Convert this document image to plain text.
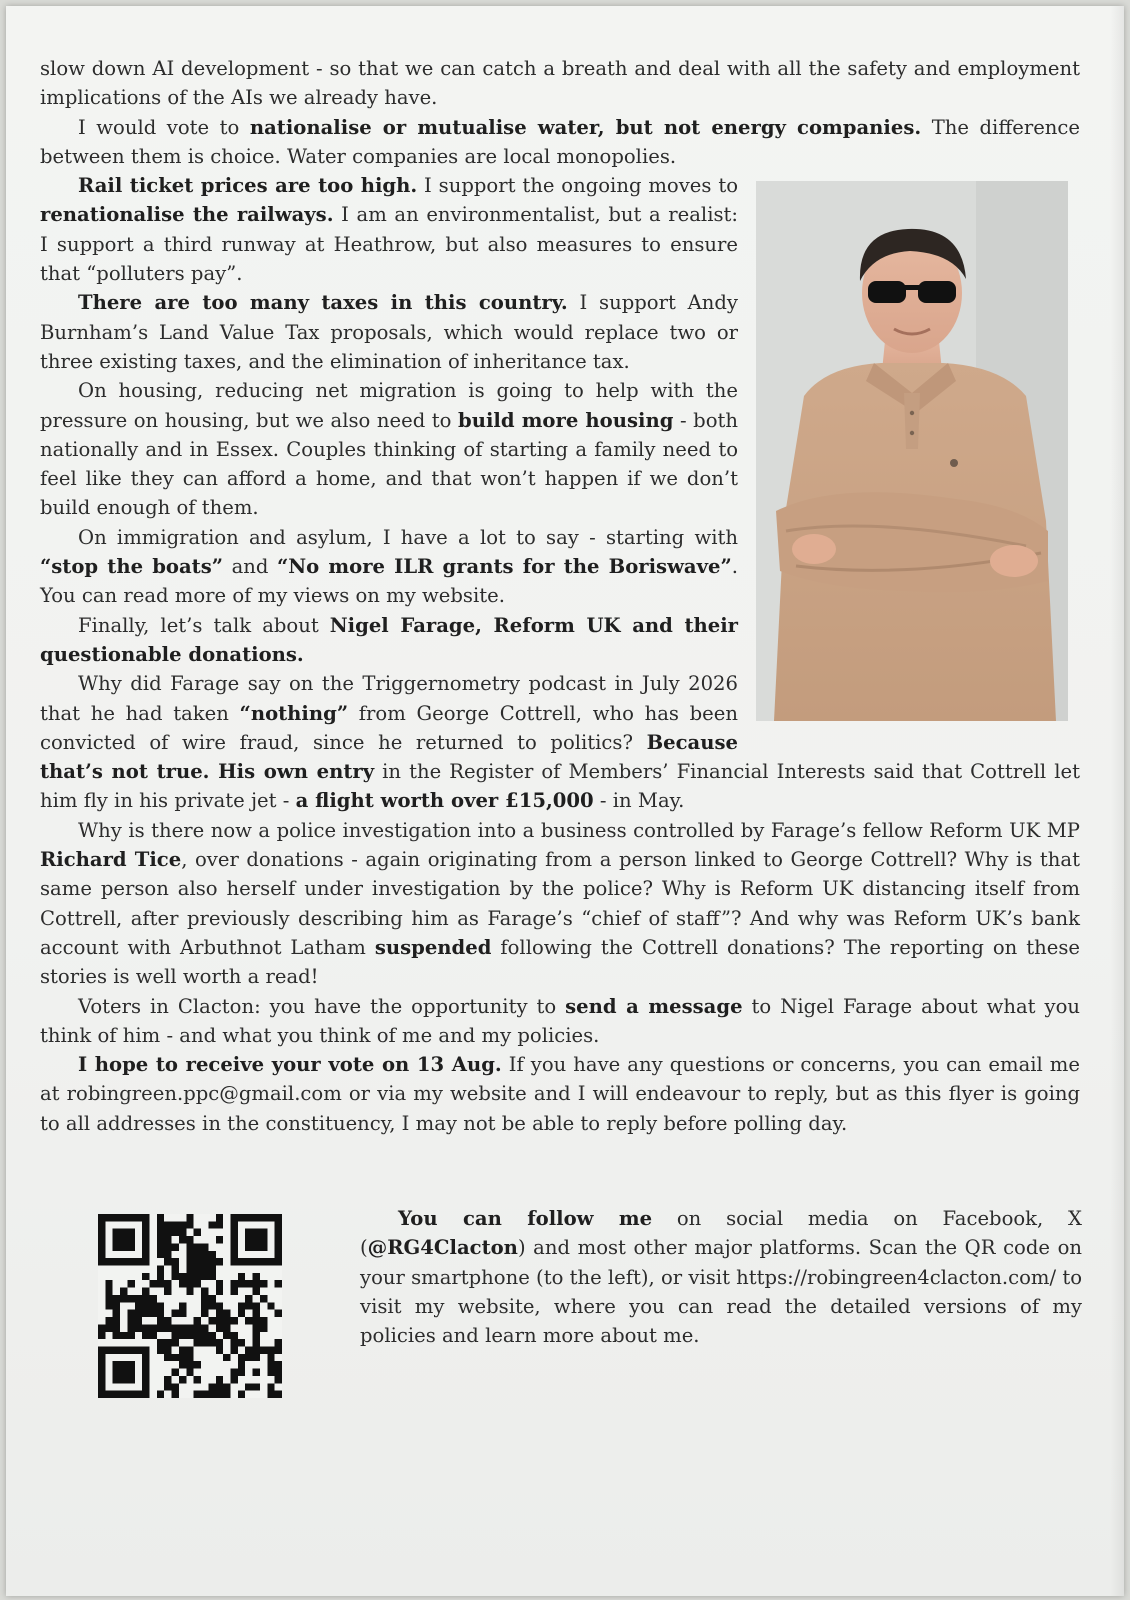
slow down AI development - so that we can catch a breath and deal with all the safety and employment implications of the AIs we already have.

I would vote to nationalise or mutualise water, but not energy companies. The difference between them is choice. Water companies are local monopolies.

Rail ticket prices are too high. I support the ongoing moves to renationalise the railways. I am an environmentalist, but a realist: I support a third runway at Heathrow, but also measures to ensure that “polluters pay”.

There are too many taxes in this country. I support Andy Burnham’s Land Value Tax proposals, which would replace two or three existing taxes, and the elimination of inheritance tax.

On housing, reducing net migration is going to help with the pressure on housing, but we also need to build more housing - both nationally and in Essex. Couples thinking of starting a family need to feel like they can afford a home, and that won’t happen if we don’t build enough of them.

On immigration and asylum, I have a lot to say - starting with “stop the boats” and “No more ILR grants for the Boriswave”. You can read more of my views on my website.

Finally, let’s talk about Nigel Farage, Reform UK and their questionable donations.

Why did Farage say on the Triggernometry podcast in July 2026 that he had taken “nothing” from George Cottrell, who has been convicted of wire fraud, since he returned to politics? Because that’s not true. His own entry in the Register of Members’ Financial Interests said that Cottrell let him fly in his private jet - a flight worth over £15,000 - in May.

Why is there now a police investigation into a business controlled by Farage’s fellow Reform UK MP Richard Tice, over donations - again originating from a person linked to George Cottrell? Why is that same person also herself under investigation by the police? Why is Reform UK distancing itself from Cottrell, after previously describing him as Farage’s “chief of staff”? And why was Reform UK’s bank account with Arbuthnot Latham suspended following the Cottrell donations? The reporting on these stories is well worth a read!

Voters in Clacton: you have the opportunity to send a message to Nigel Farage about what you think of him - and what you think of me and my policies.

I hope to receive your vote on 13 Aug. If you have any questions or concerns, you can email me at robingreen.ppc@gmail.com or via my website and I will endeavour to reply, but as this flyer is going to all addresses in the constituency, I may not be able to reply before polling day.

You can follow me on social media on Facebook, X (@RG4Clacton) and most other major platforms. Scan the QR code on your smartphone (to the left), or visit https://robingreen4clacton.com/ to visit my website, where you can read the detailed versions of my policies and learn more about me.
